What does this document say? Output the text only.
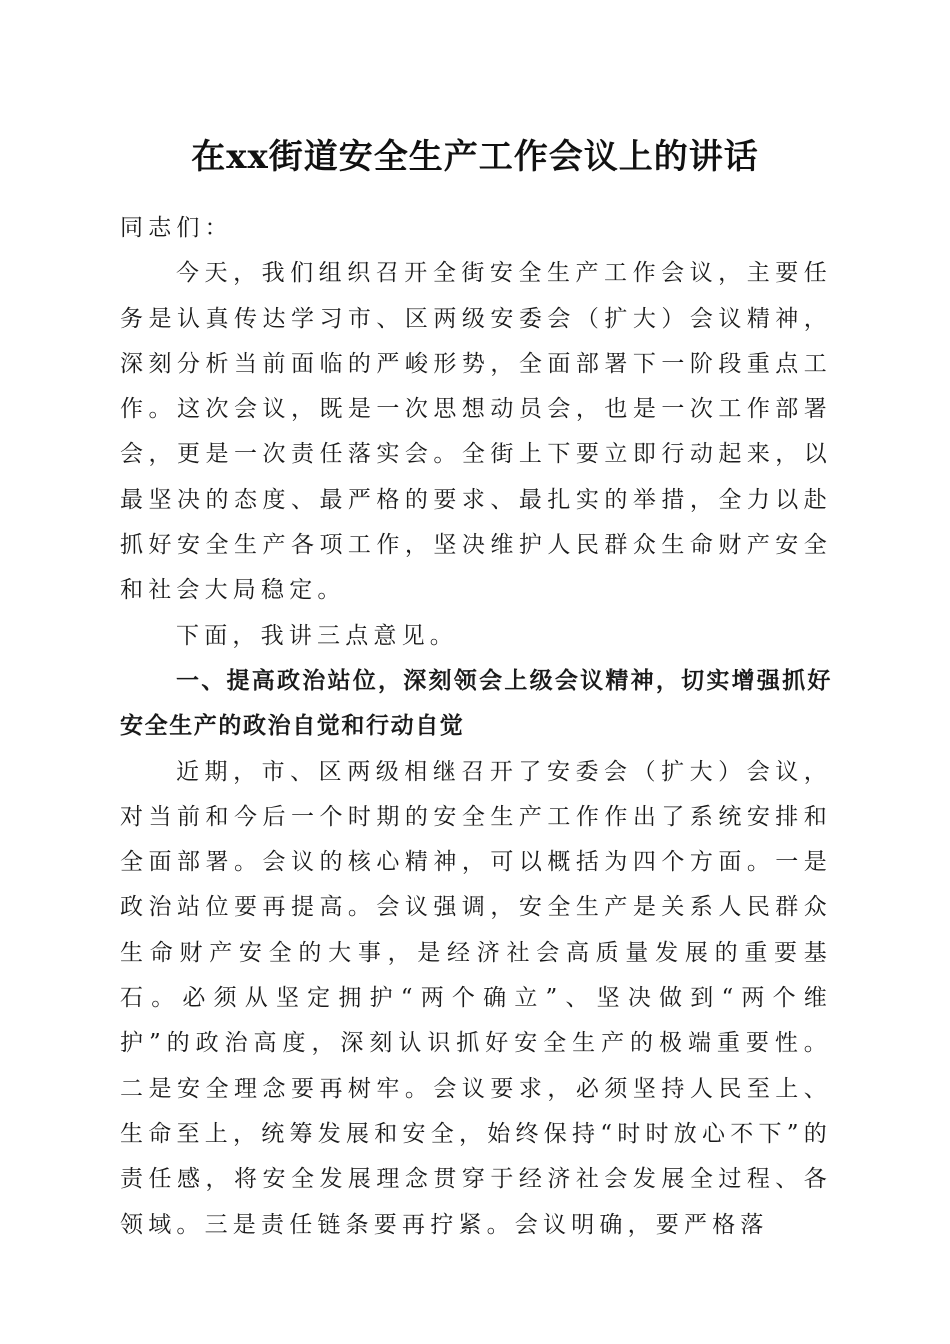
在xx街道安全生产工作会议上的讲话

同志们：

今天，我们组织召开全街安全生产工作会议，主要任务是认真传达学习市、区两级安委会（扩大）会议精神，深刻分析当前面临的严峻形势，全面部署下一阶段重点工作。这次会议，既是一次思想动员会，也是一次工作部署会，更是一次责任落实会。全街上下要立即行动起来，以最坚决的态度、最严格的要求、最扎实的举措，全力以赴抓好安全生产各项工作，坚决维护人民群众生命财产安全和社会大局稳定。

下面，我讲三点意见。

一、提高政治站位，深刻领会上级会议精神，切实增强抓好安全生产的政治自觉和行动自觉

近期，市、区两级相继召开了安委会（扩大）会议，对当前和今后一个时期的安全生产工作作出了系统安排和全面部署。会议的核心精神，可以概括为四个方面。一是政治站位要再提高。会议强调，安全生产是关系人民群众生命财产安全的大事，是经济社会高质量发展的重要基石。必须从坚定拥护“两个确立”、坚决做到“两个维护”的政治高度，深刻认识抓好安全生产的极端重要性。二是安全理念要再树牢。会议要求，必须坚持人民至上、生命至上，统筹发展和安全，始终保持“时时放心不下”的责任感，将安全发展理念贯穿于经济社会发展全过程、各领域。三是责任链条要再拧紧。会议明确，要严格落
